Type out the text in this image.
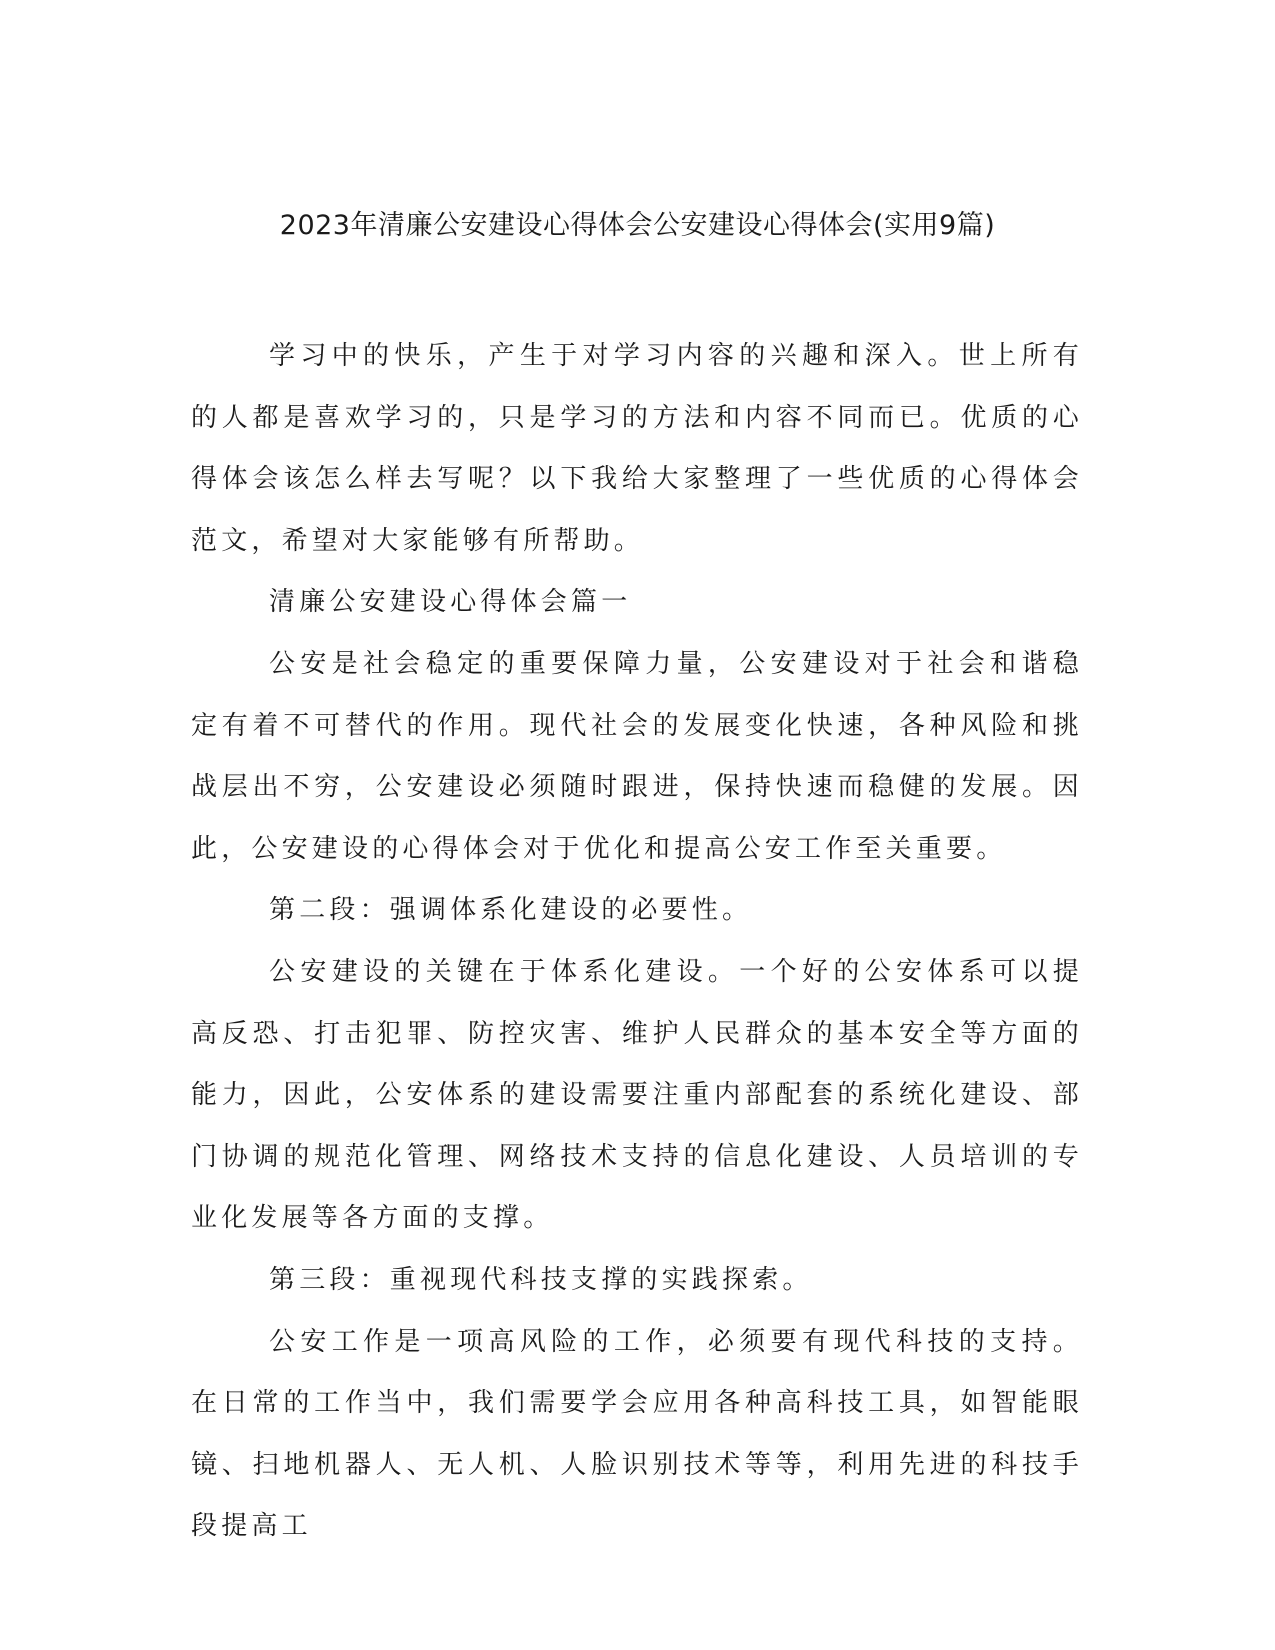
2023年清廉公安建设心得体会公安建设心得体会(实用9篇)

学习中的快乐，产生于对学习内容的兴趣和深入。世上所有的人都是喜欢学习的，只是学习的方法和内容不同而已。优质的心得体会该怎么样去写呢？以下我给大家整理了一些优质的心得体会范文，希望对大家能够有所帮助。

清廉公安建设心得体会篇一

公安是社会稳定的重要保障力量，公安建设对于社会和谐稳定有着不可替代的作用。现代社会的发展变化快速，各种风险和挑战层出不穷，公安建设必须随时跟进，保持快速而稳健的发展。因此，公安建设的心得体会对于优化和提高公安工作至关重要。

第二段：强调体系化建设的必要性。

公安建设的关键在于体系化建设。一个好的公安体系可以提高反恐、打击犯罪、防控灾害、维护人民群众的基本安全等方面的能力，因此，公安体系的建设需要注重内部配套的系统化建设、部门协调的规范化管理、网络技术支持的信息化建设、人员培训的专业化发展等各方面的支撑。

第三段：重视现代科技支撑的实践探索。

公安工作是一项高风险的工作，必须要有现代科技的支持。在日常的工作当中，我们需要学会应用各种高科技工具，如智能眼镜、扫地机器人、无人机、人脸识别技术等等，利用先进的科技手段提高工
